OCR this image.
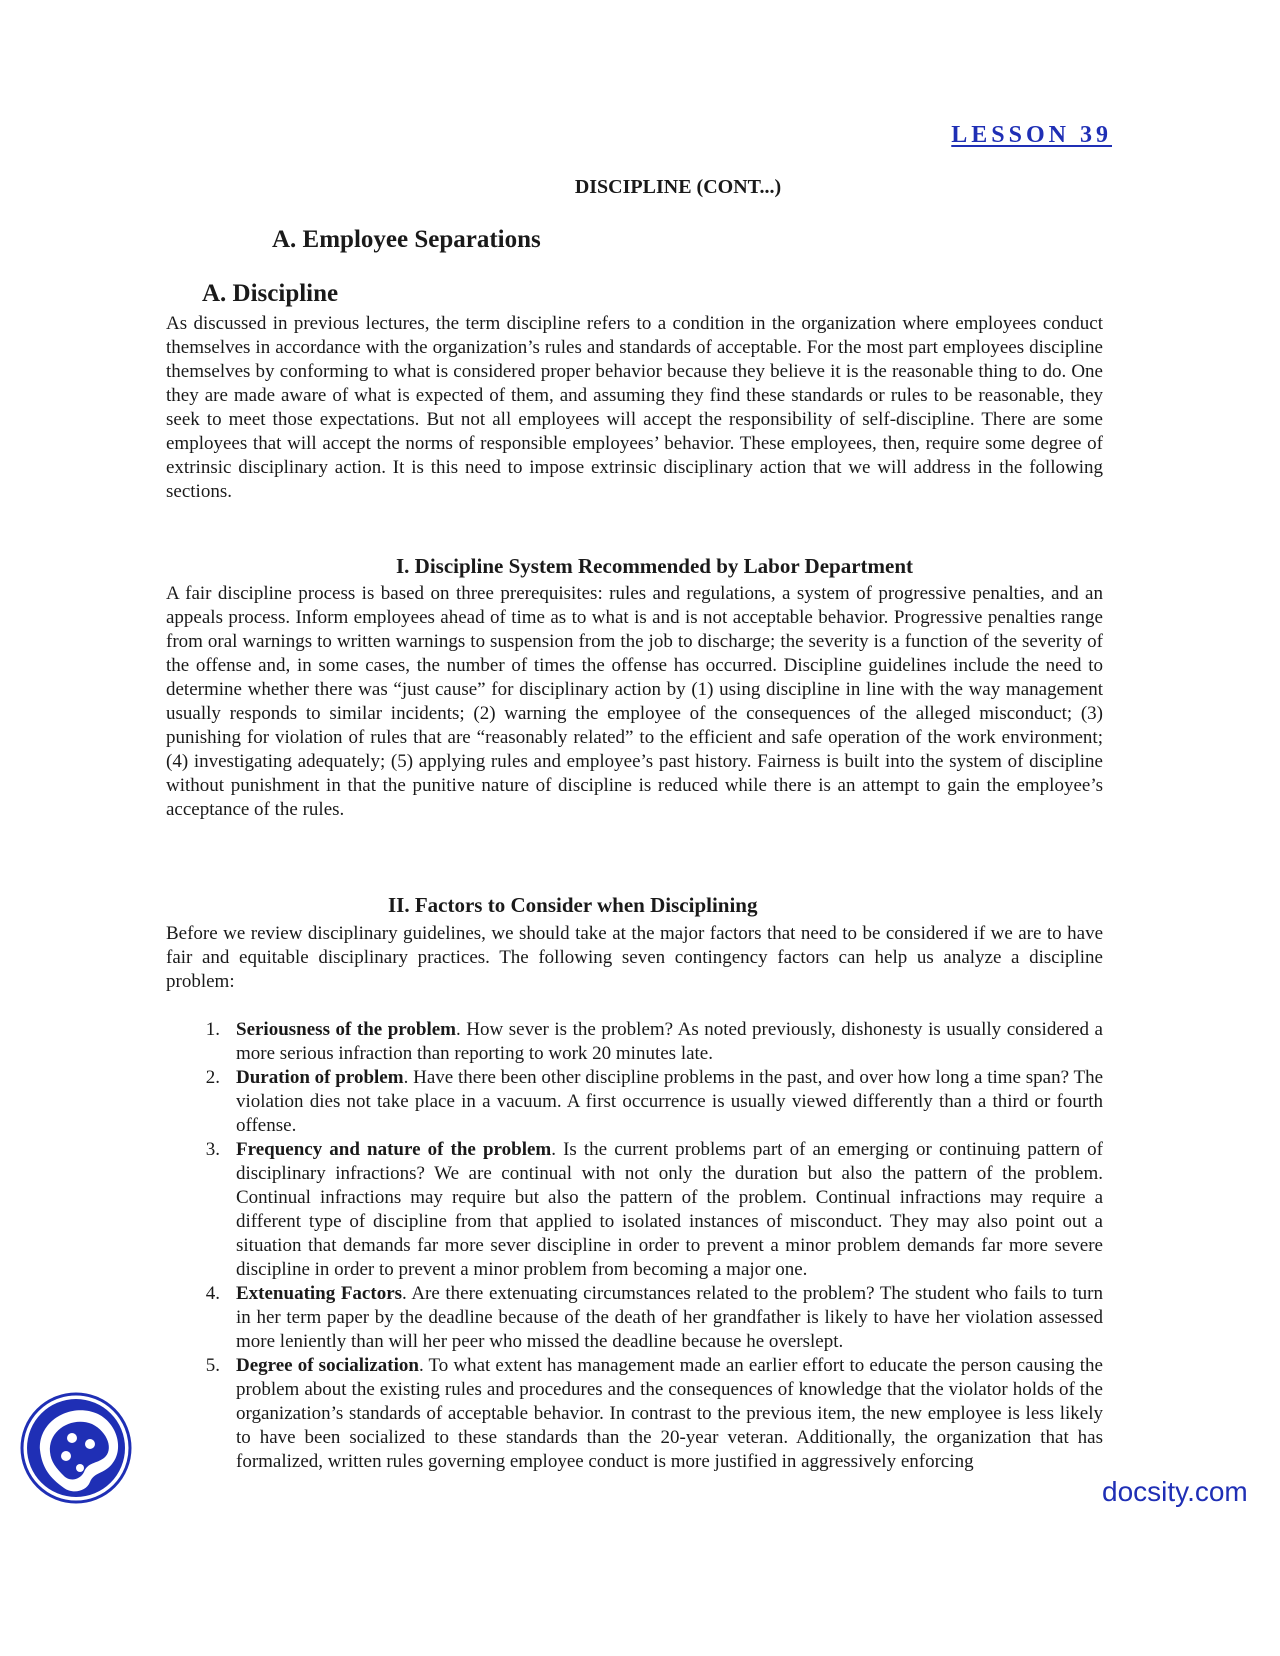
LESSON 39
DISCIPLINE (CONT...)
A. Employee Separations
A. Discipline

As discussed in previous lectures, the term discipline refers to a condition in the organization where employees conduct themselves in accordance with the organization’s rules and standards of acceptable. For the most part employees discipline themselves by conforming to what is considered proper behavior because they believe it is the reasonable thing to do. One they are made aware of what is expected of them, and assuming they find these standards or rules to be reasonable, they seek to meet those expectations. But not all employees will accept the responsibility of self-discipline. There are some employees that will accept the norms of responsible employees’ behavior. These employees, then, require some degree of extrinsic disciplinary action. It is this need to impose extrinsic disciplinary action that we will address in the following sections.

I. Discipline System Recommended by Labor Department

A fair discipline process is based on three prerequisites: rules and regulations, a system of progressive penalties, and an appeals process. Inform employees ahead of time as to what is and is not acceptable behavior. Progressive penalties range from oral warnings to written warnings to suspension from the job to discharge; the severity is a function of the severity of the offense and, in some cases, the number of times the offense has occurred. Discipline guidelines include the need to determine whether there was “just cause” for disciplinary action by (1) using discipline in line with the way management usually responds to similar incidents; (2) warning the employee of the consequences of the alleged misconduct; (3) punishing for violation of rules that are “reasonably related” to the efficient and safe operation of the work environment; (4) investigating adequately; (5) applying rules and employee’s past history. Fairness is built into the system of discipline without punishment in that the punitive nature of discipline is reduced while there is an attempt to gain the employee’s acceptance of the rules.

II. Factors to Consider when Disciplining

Before we review disciplinary guidelines, we should take at the major factors that need to be considered if we are to have fair and equitable disciplinary practices. The following seven contingency factors can help us analyze a discipline problem:

1. Seriousness of the problem. How sever is the problem? As noted previously, dishonesty is usually considered a more serious infraction than reporting to work 20 minutes late.
2. Duration of problem. Have there been other discipline problems in the past, and over how long a time span? The violation dies not take place in a vacuum. A first occurrence is usually viewed differently than a third or fourth offense.
3. Frequency and nature of the problem. Is the current problems part of an emerging or continuing pattern of disciplinary infractions? We are continual with not only the duration but also the pattern of the problem. Continual infractions may require but also the pattern of the problem. Continual infractions may require a different type of discipline from that applied to isolated instances of misconduct. They may also point out a situation that demands far more sever discipline in order to prevent a minor problem demands far more severe discipline in order to prevent a minor problem from becoming a major one.
4. Extenuating Factors. Are there extenuating circumstances related to the problem? The student who fails to turn in her term paper by the deadline because of the death of her grandfather is likely to have her violation assessed more leniently than will her peer who missed the deadline because he overslept.
5. Degree of socialization. To what extent has management made an earlier effort to educate the person causing the problem about the existing rules and procedures and the consequences of knowledge that the violator holds of the organization’s standards of acceptable behavior. In contrast to the previous item, the new employee is less likely to have been socialized to these standards than the 20-year veteran. Additionally, the organization that has formalized, written rules governing employee conduct is more justified in aggressively enforcing
docsity.com
